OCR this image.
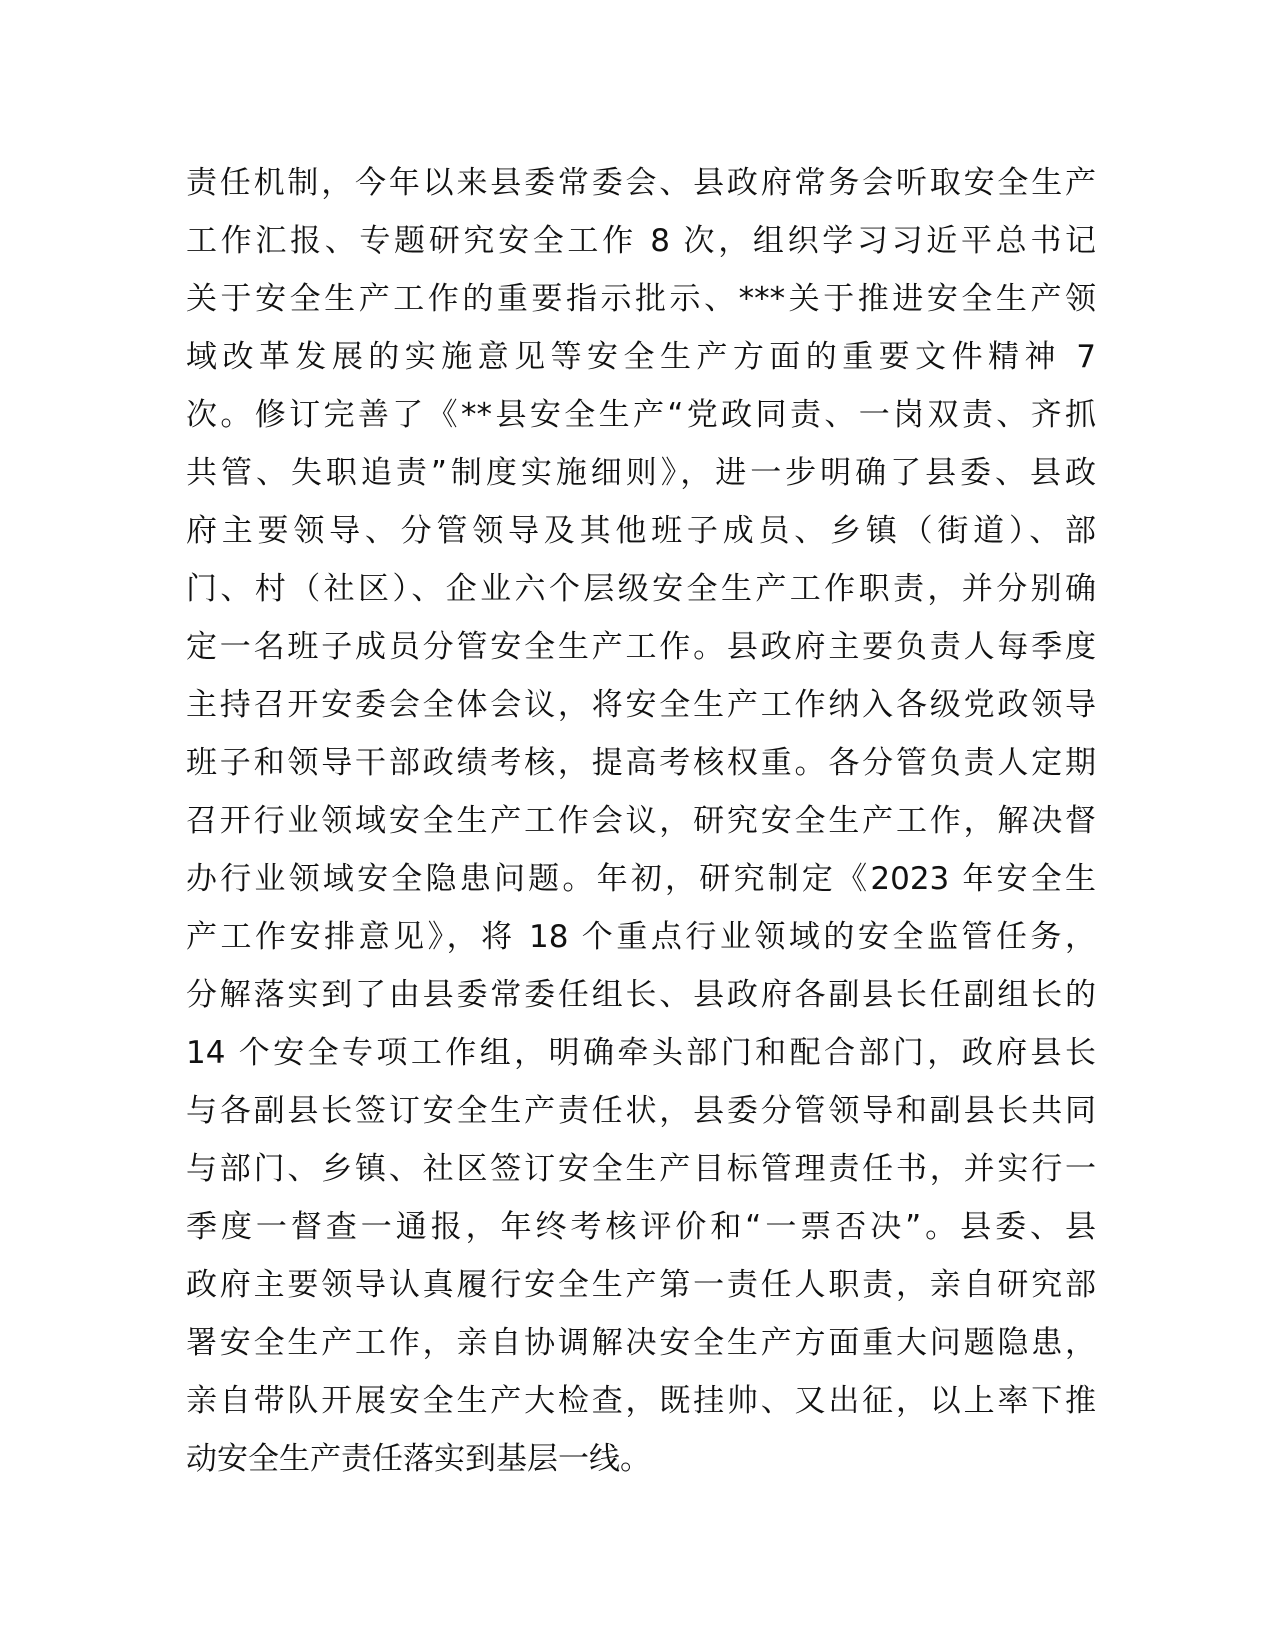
责任机制，今年以来县委常委会、县政府常务会听取安全生产
工作汇报、专题研究安全工作 8 次，组织学习习近平总书记
关于安全生产工作的重要指示批示、***关于推进安全生产领
域改革发展的实施意见等安全生产方面的重要文件精神 7
次。修订完善了《**县安全生产“党政同责、一岗双责、齐抓
共管、失职追责”制度实施细则》，进一步明确了县委、县政
府主要领导、分管领导及其他班子成员、乡镇（街道）、部
门、村（社区）、企业六个层级安全生产工作职责，并分别确
定一名班子成员分管安全生产工作。县政府主要负责人每季度
主持召开安委会全体会议，将安全生产工作纳入各级党政领导
班子和领导干部政绩考核，提高考核权重。各分管负责人定期
召开行业领域安全生产工作会议，研究安全生产工作，解决督
办行业领域安全隐患问题。年初，研究制定《2023 年安全生
产工作安排意见》，将 18 个重点行业领域的安全监管任务，
分解落实到了由县委常委任组长、县政府各副县长任副组长的
14 个安全专项工作组，明确牵头部门和配合部门，政府县长
与各副县长签订安全生产责任状，县委分管领导和副县长共同
与部门、乡镇、社区签订安全生产目标管理责任书，并实行一
季度一督查一通报，年终考核评价和“一票否决”。县委、县
政府主要领导认真履行安全生产第一责任人职责，亲自研究部
署安全生产工作，亲自协调解决安全生产方面重大问题隐患，
亲自带队开展安全生产大检查，既挂帅、又出征，以上率下推
动安全生产责任落实到基层一线。
